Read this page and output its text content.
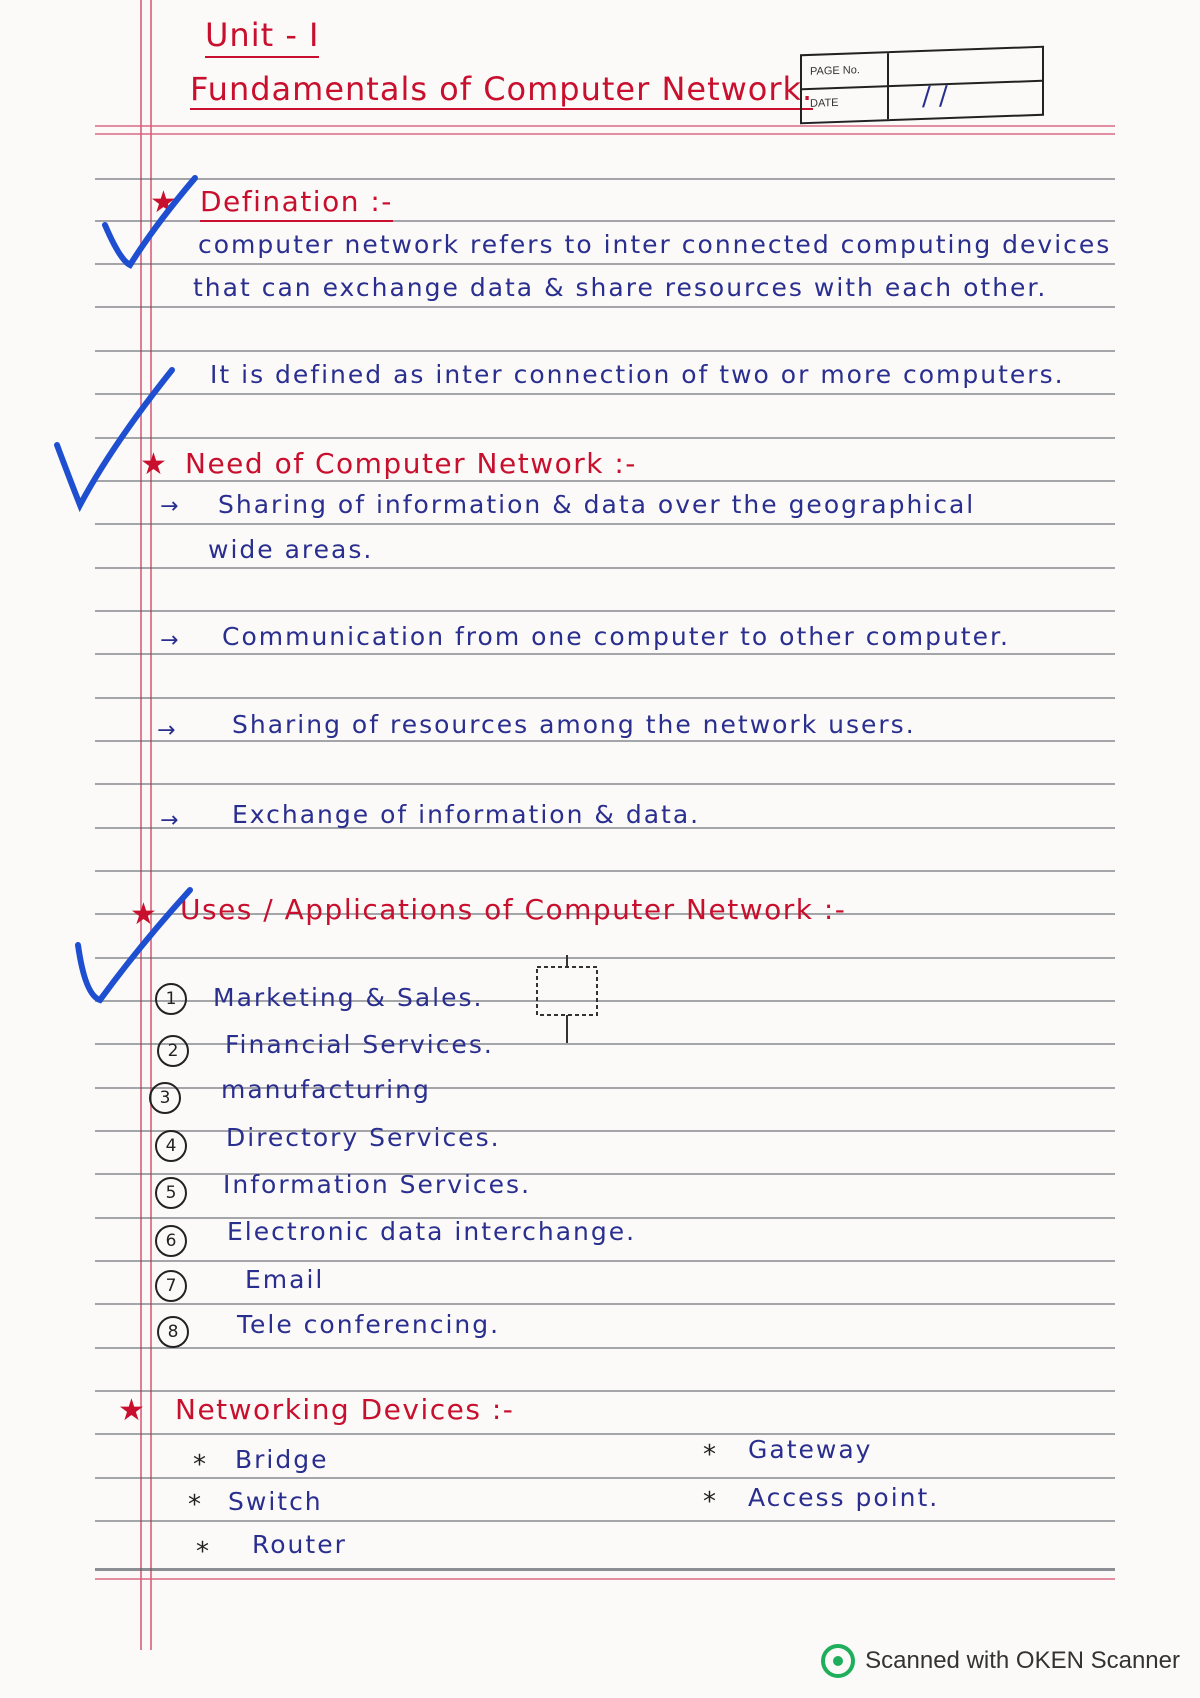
Unit - I
Fundamentals of Computer Network.
PAGE No.
DATE	/ /
★ Defination :-
computer network refers to inter connected computing devices
that can exchange data & share resources with each other.
It is defined as inter connection of two or more computers.
★ Need of Computer Network :-
→ Sharing of information & data over the geographical
wide areas.
→ Communication from one computer to other computer.
→ Sharing of resources among the network users.
→ Exchange of information & data.
★ Uses / Applications of Computer Network :-
1	Marketing & Sales.
2	Financial Services.
3	manufacturing
4	Directory Services.
5	Information Services.
6	Electronic data interchange.
7	Email
8	Tele conferencing.
★ Networking Devices :-
* Bridge
* Switch
* Router
* Gateway
* Access point.
Scanned with OKEN Scanner
